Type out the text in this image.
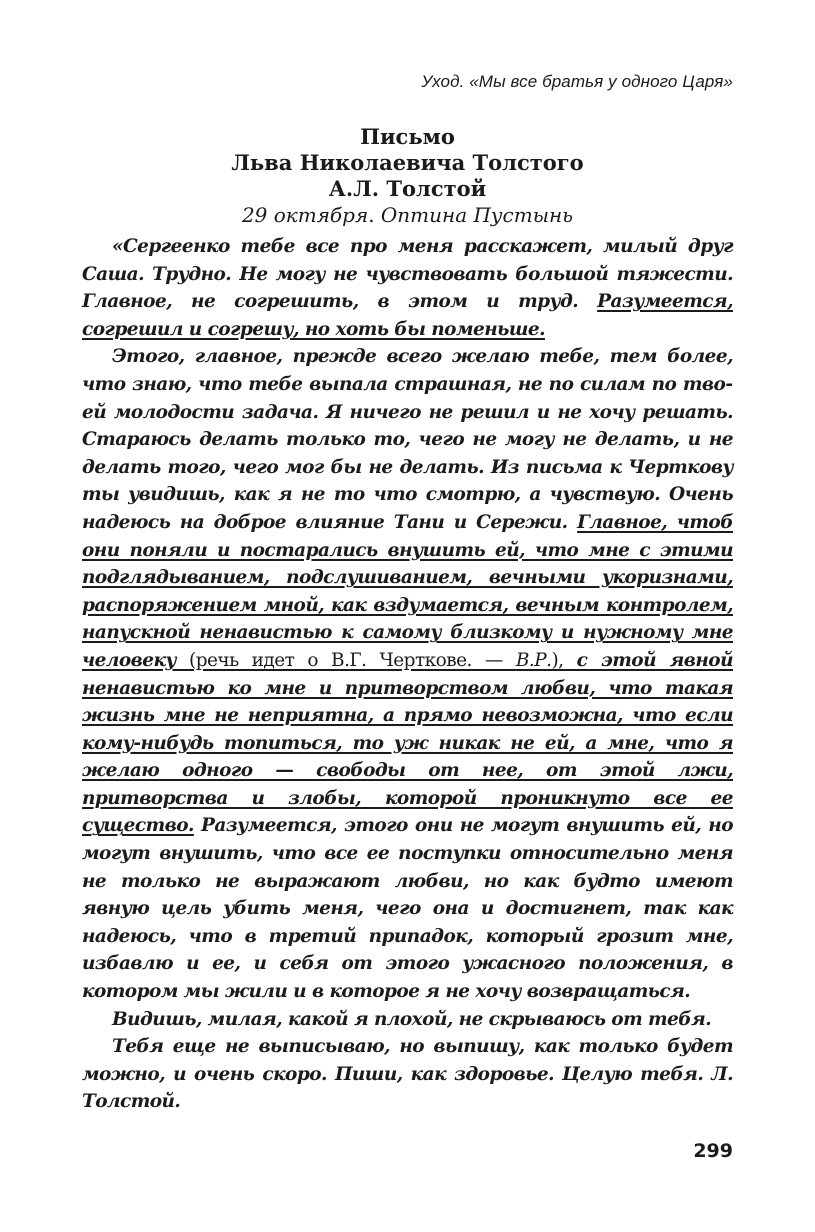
Уход. «Мы все братья у одного Царя»
Письмо
Льва Николаевича Толстого
А.Л. Толстой
29 октября. Оптина Пустынь

«Сергеенко тебе все про меня расскажет, милый друг Саша. Трудно. Не могу не чувствовать большой тяжести. Главное, не согрешить, в этом и труд. Разумеется, согрешил и согрешу, но хоть бы поменьше.

Этого, главное, прежде всего желаю тебе, тем более, что знаю, что тебе выпала страшная, не по силам по твоей молодости задача. Я ничего не решил и не хочу решать. Стараюсь делать только то, чего не могу не делать, и не делать того, чего мог бы не делать. Из письма к Черткову ты увидишь, как я не то что смотрю, а чувствую. Очень надеюсь на доброе влияние Тани и Сережи. Главное, чтоб они поняли и постарались внушить ей, что мне с этими подглядыванием, подслушиванием, вечными укоризнами, распоряжением мной, как вздумается, вечным контролем, напускной ненавистью к самому близкому и нужному мне человеку (речь идет о В.Г. Черткове. — В.Р.), с этой явной ненавистью ко мне и притворством любви, что такая жизнь мне не неприятна, а прямо невозможна, что если кому-нибудь топиться, то уж никак не ей, а мне, что я желаю одного — свободы от нее, от этой лжи, притворства и злобы, которой проникнуто все ее существо. Разумеется, этого они не могут внушить ей, но могут внушить, что все ее поступки относительно меня не только не выражают любви, но как будто имеют явную цель убить меня, чего она и достигнет, так как надеюсь, что в третий припадок, который грозит мне, избавлю и ее, и себя от этого ужасного положения, в котором мы жили и в которое я не хочу возвращаться.

Видишь, милая, какой я плохой, не скрываюсь от тебя.

Тебя еще не выписываю, но выпишу, как только будет можно, и очень скоро. Пиши, как здоровье. Целую тебя. Л. Толстой.

299
